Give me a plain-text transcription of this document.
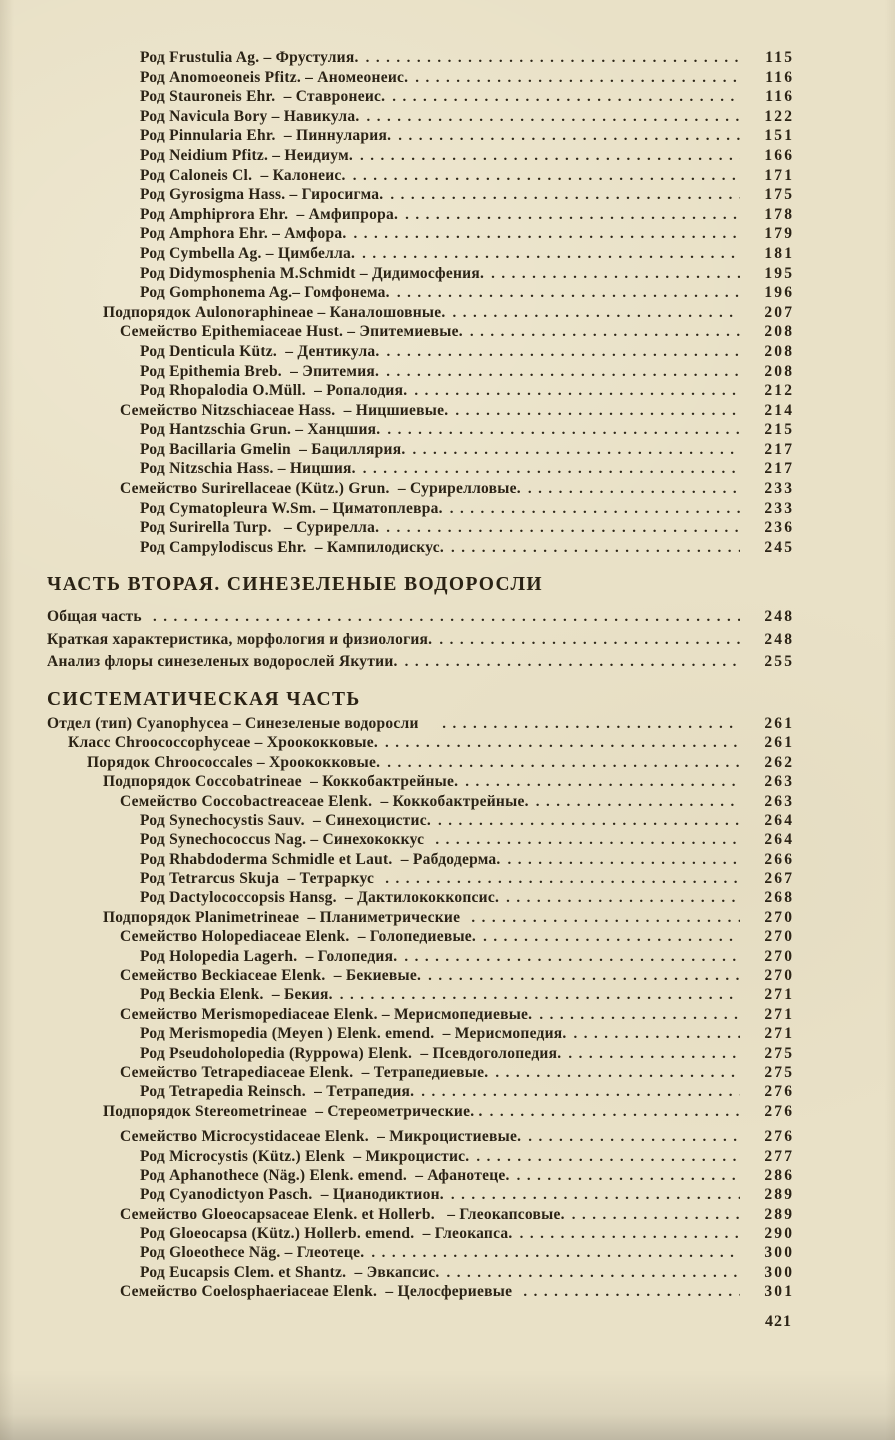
Род Frustulia Ag. – Фрустулия. .....	115
Род Anomoeoneis Pfitz. – Аномеонеис. .....	116
Род Stauroneis Ehr.  – Ставронеис. .....	116
Род Navicula Bory – Навикула. .....	122
Род Pinnularia Ehr.  – Пиннулария. .....	151
Род Neidium Pfitz. – Неидиум. .....	166
Род Caloneis Cl.  – Калонеис. .....	171
Род Gyrosigma Hass. – Гиросигма. .....	175
Род Amphiprora Ehr.  – Амфипрора. .....	178
Род Amphora Ehr. – Амфора. .....	179
Род Cymbella Ag. – Цимбелла. .....	181
Род Didymosphenia M.Schmidt – Дидимосфения. .....	195
Род Gomphonema Ag.– Гомфонема. .....	196
Подпорядок Aulonoraphineae – Каналошовные. .....	207
Семейство Epithemiaceae Hust. – Эпитемиевые. .....	208
Род Denticula Kütz.  – Дентикула. .....	208
Род Epithemia Breb.  – Эпитемия. .....	208
Род Rhopalodia O.Müll.  – Ропалодия. .....	212
Семейство Nitzschiaceae Hass.  – Ницшиевые. .....	214
Род Hantzschia Grun. – Ханцшия. .....	215
Род Bacillaria Gmelin  – Бациллярия. .....	217
Род Nitzschia Hass. – Ницшия. .....	217
Семейство Surirellaceae (Kütz.) Grun.  – Сурирелловые. .....	233
Род Cymatopleura W.Sm. – Циматоплевра. .....	233
Род Surirella Turp.   – Сурирелла. .....	236
Род Campylodiscus Ehr.  – Кампилодискус. .....	245
ЧАСТЬ ВТОРАЯ. СИНЕЗЕЛЕНЫЕ ВОДОРОСЛИ
Общая часть .....	248
Краткая характеристика, морфология и физиология. .....	248
Анализ флоры синезеленых водорослей Якутии. .....	255
СИСТЕМАТИЧЕСКАЯ ЧАСТЬ
Отдел (тип) Cyanophycea – Синезеленые водоросли .....	261
Класс Chroococcophyceae – Хроококковые. .....	261
Порядок Chroococcales – Хроококковые. .....	262
Подпорядок Coccobatrineae  – Коккобактрейные. .....	263
Семейство Coccobactreaceae Elenk.  – Коккобактрейные. .....	263
Род Synechocystis Sauv.  – Синехоцистис. .....	264
Род Synechococcus Nag. – Синехококкус .....	264
Род Rhabdoderma Schmidle et Laut.  – Рабдодерма. .....	266
Род Tetrarcus Skuja  – Тетраркус .....	267
Род Dactylococcopsis Hansg.  – Дактилококкопсис. .....	268
Подпорядок Planimetrineae  – Планиметрические .....	270
Семейство Holopediaceae Elenk.  – Голопедиевые. .....	270
Род Holopedia Lagerh.  – Голопедия. .....	270
Семейство Beckiaceae Elenk.  – Бекиевые. .....	270
Род Beckia Elenk.  – Бекия. .....	271
Семейство Merismopediaceae Elenk. – Мерисмопедиевые. .....	271
Род Merismopedia (Meyen ) Elenk. emend.  – Мерисмопедия. .....	271
Род Pseudoholopedia (Ryppowa) Elenk.  – Псевдоголопедия. .....	275
Семейство Tetrapediaceae Elenk.  – Тетрапедиевые. .....	275
Род Tetrapedia Reinsch.  – Тетрапедия. .....	276
Подпорядок Stereometrineae  – Стереометрические. . .....	276
Семейство Microcystidaceae Elenk.  – Микроцистиевые. .....	276
Род Microcystis (Kütz.) Elenk  – Микроцистис. .....	277
Род Aphanothece (Näg.) Elenk. emend.  – Афанотеце. .....	286
Род Cyanodictyon Pasch.  – Цианодиктион. .....	289
Семейство Gloeocapsaceae Elenk. et Hollerb.   – Глеокапсовые. .....	289
Род Gloeocapsa (Kütz.) Hollerb. emend.  – Глеокапса. .....	290
Род Gloeothece Näg. – Глеотеце. .....	300
Род Eucapsis Clem. et Shantz.  – Эвкапсис. .....	300
Семейство Coelosphaeriaceae Elenk.  – Целосфериевые .....	301
421
